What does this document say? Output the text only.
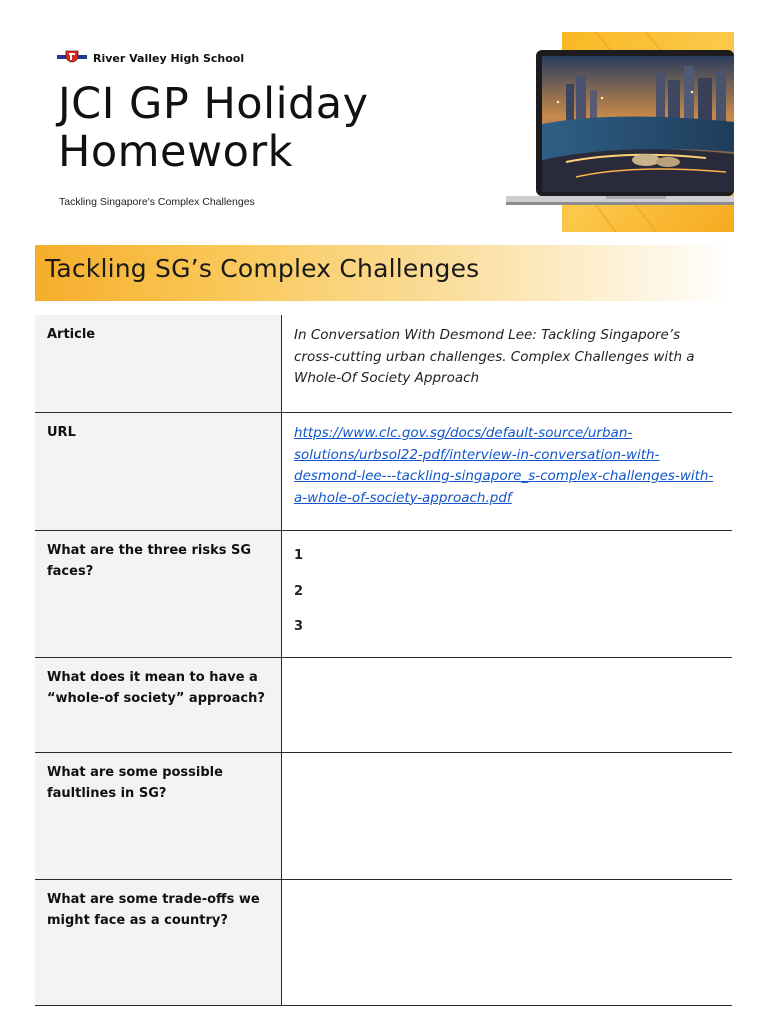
River Valley High School
JCI GP Holiday
Homework
Tackling Singapore's Complex Challenges
Tackling SG’s Complex Challenges
Article	In Conversation With Desmond Lee: Tackling Singapore’s cross-cutting urban challenges. Complex Challenges with a Whole-Of Society Approach
URL	https://www.clc.gov.sg/docs/default-source/urban-solutions/urbsol22-pdf/interview-in-conversation-with-desmond-lee---tackling-singapore_s-complex-challenges-with-a-whole-of-society-approach.pdf
What are the three risks SG faces?	1
2
3

What does it mean to have a “whole-of society” approach?	
What are some possible faultlines in SG?	
What are some trade-offs we might face as a country?	
